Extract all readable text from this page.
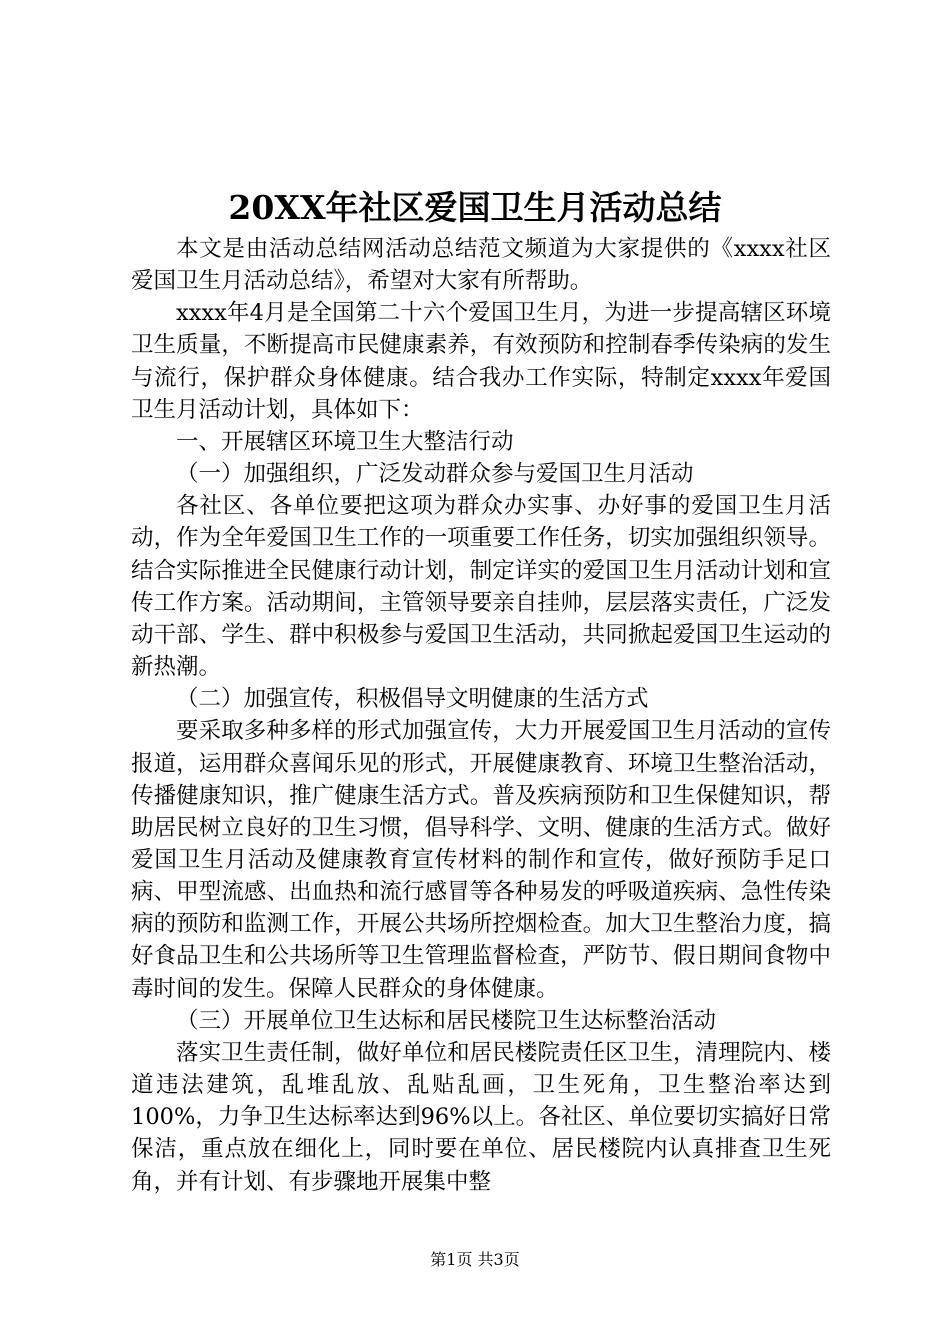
20XX年社区爱国卫生月活动总结

本文是由活动总结网活动总结范文频道为大家提供的《xxxx社区爱国卫生月活动总结》，希望对大家有所帮助。

xxxx年4月是全国第二十六个爱国卫生月，为进一步提高辖区环境卫生质量，不断提高市民健康素养，有效预防和控制春季传染病的发生与流行，保护群众身体健康。结合我办工作实际，特制定xxxx年爱国卫生月活动计划，具体如下：

一、开展辖区环境卫生大整洁行动

（一）加强组织，广泛发动群众参与爱国卫生月活动

各社区、各单位要把这项为群众办实事、办好事的爱国卫生月活动，作为全年爱国卫生工作的一项重要工作任务，切实加强组织领导。结合实际推进全民健康行动计划，制定详实的爱国卫生月活动计划和宣传工作方案。活动期间，主管领导要亲自挂帅，层层落实责任，广泛发动干部、学生、群中积极参与爱国卫生活动，共同掀起爱国卫生运动的新热潮。

（二）加强宣传，积极倡导文明健康的生活方式

要采取多种多样的形式加强宣传，大力开展爱国卫生月活动的宣传报道，运用群众喜闻乐见的形式，开展健康教育、环境卫生整治活动，传播健康知识，推广健康生活方式。普及疾病预防和卫生保健知识，帮助居民树立良好的卫生习惯，倡导科学、文明、健康的生活方式。做好爱国卫生月活动及健康教育宣传材料的制作和宣传，做好预防手足口病、甲型流感、出血热和流行感冒等各种易发的呼吸道疾病、急性传染病的预防和监测工作，开展公共场所控烟检查。加大卫生整治力度，搞好食品卫生和公共场所等卫生管理监督检查，严防节、假日期间食物中毒时间的发生。保障人民群众的身体健康。

（三）开展单位卫生达标和居民楼院卫生达标整治活动

落实卫生责任制，做好单位和居民楼院责任区卫生，清理院内、楼道违法建筑，乱堆乱放、乱贴乱画，卫生死角，卫生整治率达到100%，力争卫生达标率达到96%以上。各社区、单位要切实搞好日常保洁，重点放在细化上，同时要在单位、居民楼院内认真排查卫生死角，并有计划、有步骤地开展集中整

第1页 共3页
